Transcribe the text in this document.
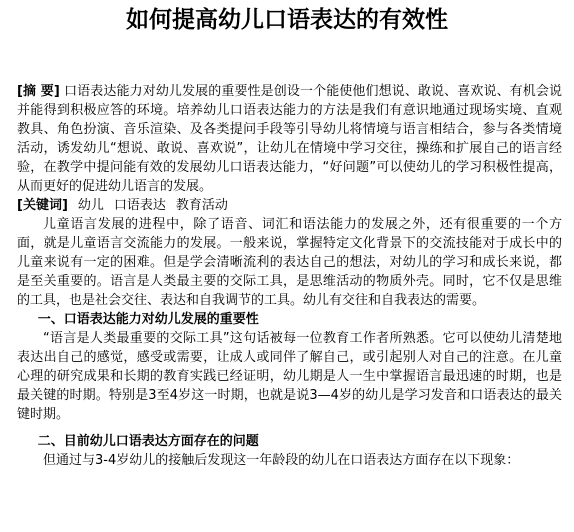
如何提高幼儿口语表达的有效性

[摘 要] 口语表达能力对幼儿发展的重要性是创设一个能使他们想说、敢说、喜欢说、有机会说并能得到积极应答的环境。培养幼儿口语表达能力的方法是我们有意识地通过现场实境、直观教具、角色扮演、音乐渲染、及各类提问手段等引导幼儿将情境与语言相结合，参与各类情境活动，诱发幼儿“想说、敢说、喜欢说”，让幼儿在情境中学习交往，操练和扩展自己的语言经验，在教学中提问能有效的发展幼儿口语表达能力，“好问题”可以使幼儿的学习积极性提高，从而更好的促进幼儿语言的发展。

[关键词] 幼儿 口语表达 教育活动

儿童语言发展的进程中，除了语音、词汇和语法能力的发展之外，还有很重要的一个方面，就是儿童语言交流能力的发展。一般来说，掌握特定文化背景下的交流技能对于成长中的儿童来说有一定的困难。但是学会清晰流利的表达自己的想法，对幼儿的学习和成长来说，都是至关重要的。语言是人类最主要的交际工具，是思维活动的物质外壳。同时，它不仅是思维的工具，也是社会交往、表达和自我调节的工具。幼儿有交往和自我表达的需要。

一、口语表达能力对幼儿发展的重要性

“语言是人类最重要的交际工具”这句话被每一位教育工作者所熟悉。它可以使幼儿清楚地表达出自己的感觉，感受或需要，让成人或同伴了解自己，或引起别人对自己的注意。在儿童心理的研究成果和长期的教育实践已经证明，幼儿期是人一生中掌握语言最迅速的时期，也是最关键的时期。特别是3至4岁这一时期，也就是说3—4岁的幼儿是学习发音和口语表达的最关键时期。

二、目前幼儿口语表达方面存在的问题

但通过与3-4岁幼儿的接触后发现这一年龄段的幼儿在口语表达方面存在以下现象：
